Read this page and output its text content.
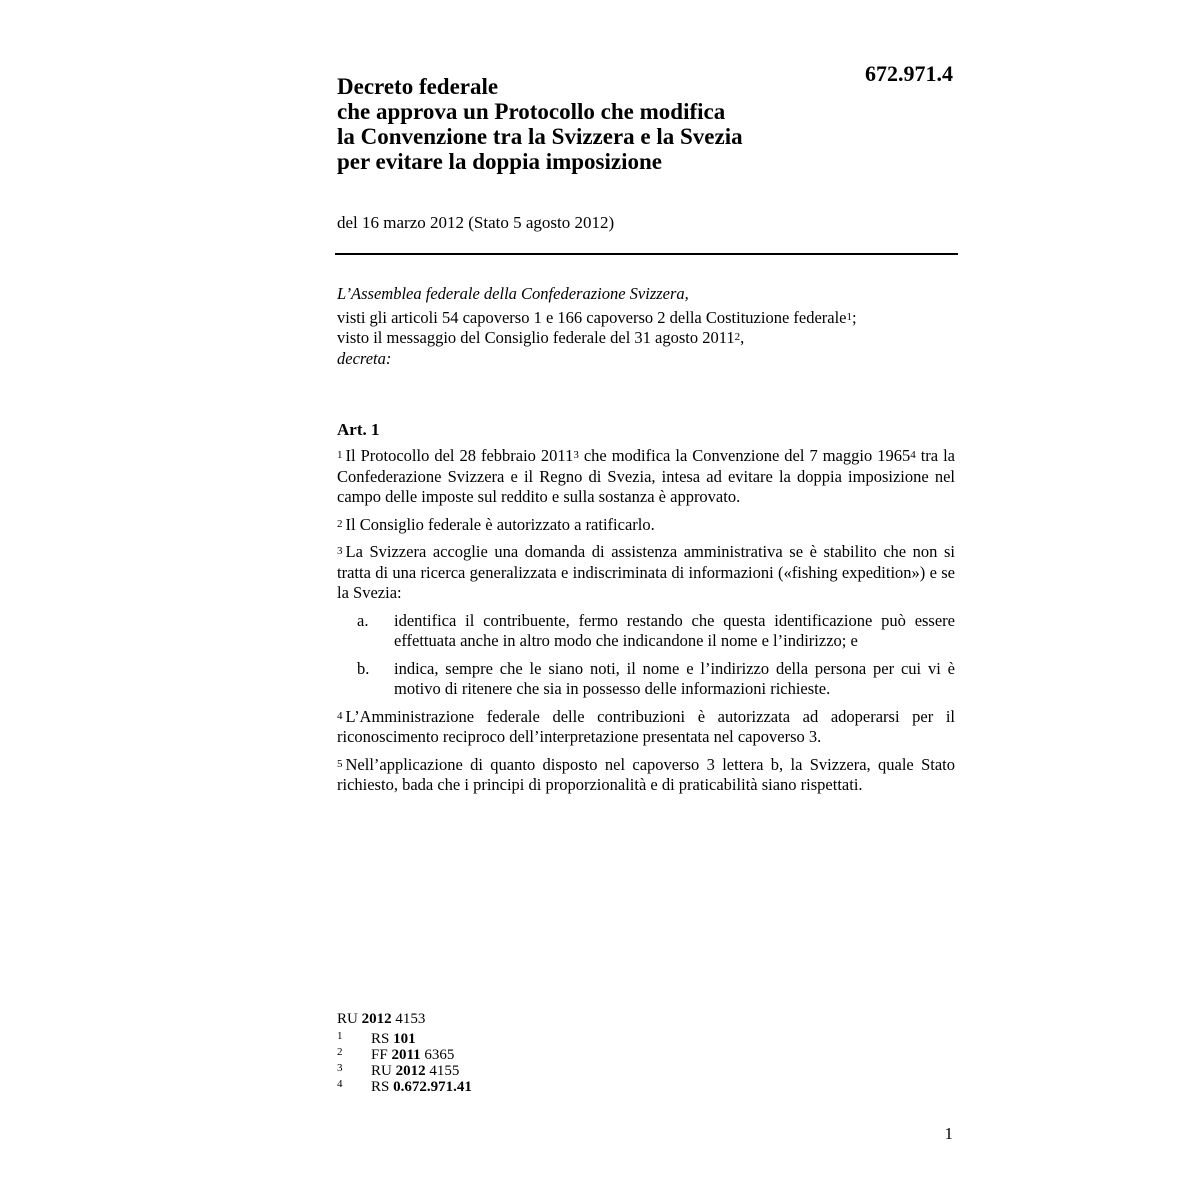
672.971.4
Decreto federale
che approva un Protocollo che modifica
la Convenzione tra la Svizzera e la Svezia
per evitare la doppia imposizione
del 16 marzo 2012 (Stato 5 agosto 2012)
L’Assemblea federale della Confederazione Svizzera,
visti gli articoli 54 capoverso 1 e 166 capoverso 2 della Costituzione federale$^1$;
visto il messaggio del Consiglio federale del 31 agosto 2011$^2$,
decreta:
Art. 1
$^1$ Il Protocollo del 28 febbraio 2011$^3$ che modifica la Convenzione del 7 maggio 1965$^4$ tra la Confederazione Svizzera e il Regno di Svezia, intesa ad evitare la doppia imposizione nel campo delle imposte sul reddito e sulla sostanza è approvato.
$^2$ Il Consiglio federale è autorizzato a ratificarlo.
$^3$ La Svizzera accoglie una domanda di assistenza amministrativa se è stabilito che non si tratta di una ricerca generalizzata e indiscriminata di informazioni («fishing expedition») e se la Svezia:
a. identifica il contribuente, fermo restando che questa identificazione può essere effettuata anche in altro modo che indicandone il nome e l’indirizzo; e
b. indica, sempre che le siano noti, il nome e l’indirizzo della persona per cui vi è motivo di ritenere che sia in possesso delle informazioni richieste.
$^4$ L’Amministrazione federale delle contribuzioni è autorizzata ad adoperarsi per il riconoscimento reciproco dell’interpretazione presentata nel capoverso 3.
$^5$ Nell’applicazione di quanto disposto nel capoverso 3 lettera b, la Svizzera, quale Stato richiesto, bada che i principi di proporzionalità e di praticabilità siano rispettati.
RU 2012 4153
1 RS 101
2 FF 2011 6365
3 RU 2012 4155
4 RS 0.672.971.41
1
